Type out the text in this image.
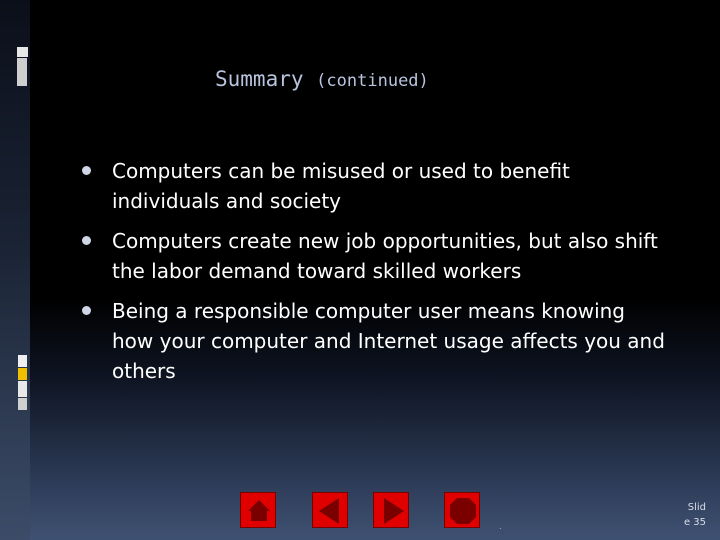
Summary (continued)
Computers can be misused or used to benefit individuals and society
Computers create new job opportunities, but also shift the labor demand toward skilled workers
Being a responsible computer user means knowing how your computer and Internet usage affects you and others
.
Slid
e 35
